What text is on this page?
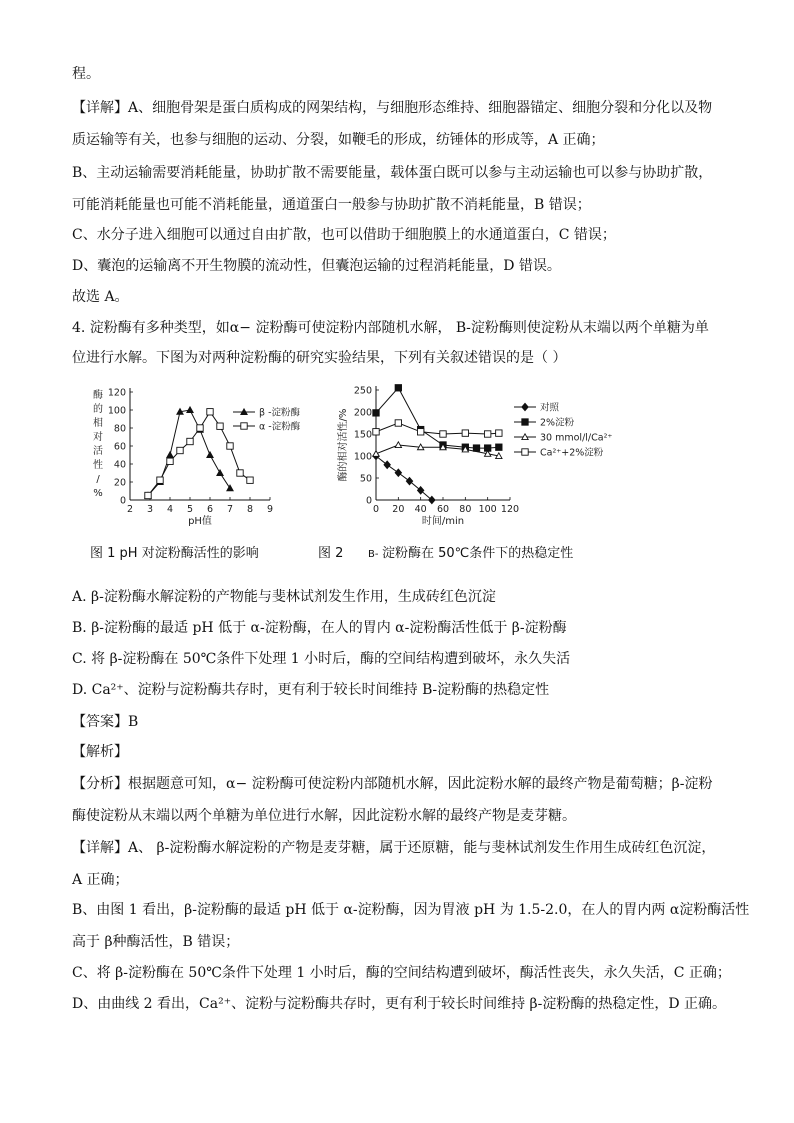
程。
【详解】A、细胞骨架是蛋白质构成的网架结构，与细胞形态维持、细胞器锚定、细胞分裂和分化以及物
质运输等有关，也参与细胞的运动、分裂，如鞭毛的形成，纺锤体的形成等，A 正确；
B、主动运输需要消耗能量，协助扩散不需要能量，载体蛋白既可以参与主动运输也可以参与协助扩散，
可能消耗能量也可能不消耗能量，通道蛋白一般参与协助扩散不消耗能量，B 错误；
C、水分子进入细胞可以通过自由扩散，也可以借助于细胞膜上的水通道蛋白，C 错误；
D、囊泡的运输离不开生物膜的流动性，但囊泡运输的过程消耗能量，D 错误。
故选 A。
4. 淀粉酶有多种类型，如α− 淀粉酶可使淀粉内部随机水解， Β-淀粉酶则使淀粉从末端以两个单糖为单
位进行水解。下图为对两种淀粉酶的研究实验结果，下列有关叙述错误的是（ ）
0
20
40
60
80
100
120
2 3 4 5 6 7 8 9
pH值
β -淀粉酶
α -淀粉酶
酶
的
相
对
活
性
/
%
0
50
100
150
200
250
0 20 40 60 80 100 120
时间/min
对照
2%淀粉
30 mmol/l/Ca²⁺
Ca²⁺+2%淀粉
酶的相对活性/%
图 1 pH 对淀粉酶活性的影响	图 2 Β- 淀粉酶在 50℃条件下的热稳定性
A. β-淀粉酶水解淀粉的产物能与斐林试剂发生作用，生成砖红色沉淀
B. β-淀粉酶的最适 pH 低于 α-淀粉酶，在人的胃内 α-淀粉酶活性低于 β-淀粉酶
C. 将 β-淀粉酶在 50℃条件下处理 1 小时后，酶的空间结构遭到破坏，永久失活
D. Ca²⁺、淀粉与淀粉酶共存时，更有利于较长时间维持 Β-淀粉酶的热稳定性
【答案】B
【解析】
【分析】根据题意可知，α− 淀粉酶可使淀粉内部随机水解，因此淀粉水解的最终产物是葡萄糖；β-淀粉
酶使淀粉从末端以两个单糖为单位进行水解，因此淀粉水解的最终产物是麦芽糖。
【详解】A、 β-淀粉酶水解淀粉的产物是麦芽糖，属于还原糖，能与斐林试剂发生作用生成砖红色沉淀，
A 正确；
B、由图 1 看出，β-淀粉酶的最适 pH 低于 α-淀粉酶，因为胃液 pH 为 1.5-2.0，在人的胃内两 α淀粉酶活性
高于 β种酶活性，B 错误；
C、将 β-淀粉酶在 50℃条件下处理 1 小时后，酶的空间结构遭到破坏，酶活性丧失，永久失活，C 正确；
D、由曲线 2 看出，Ca²⁺、淀粉与淀粉酶共存时，更有利于较长时间维持 β-淀粉酶的热稳定性，D 正确。
